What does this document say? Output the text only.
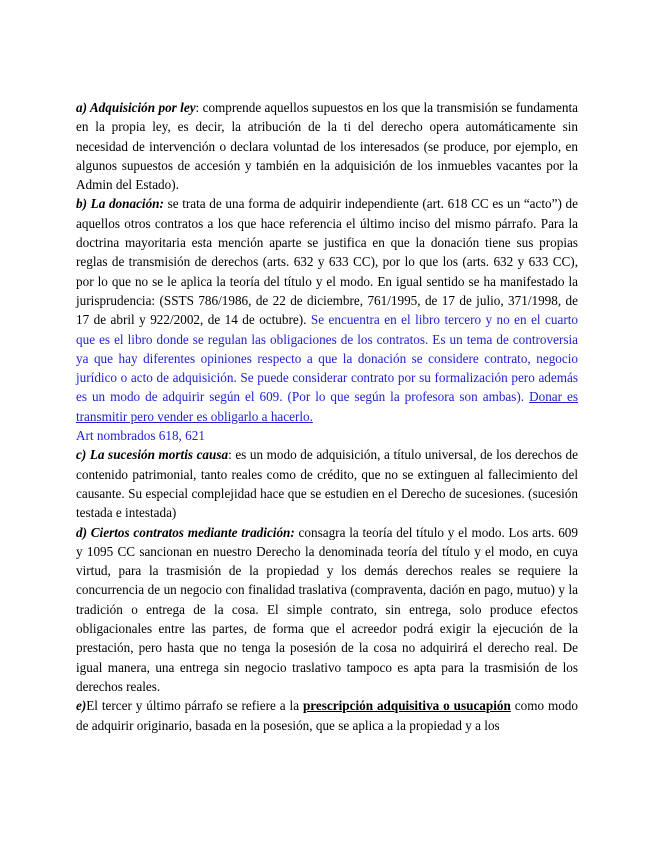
a) Adquisición por ley: comprende aquellos supuestos en los que la transmisión se fundamenta en la propia ley, es decir, la atribución de la ti del derecho opera automáticamente sin necesidad de intervención o declara voluntad de los interesados (se produce, por ejemplo, en algunos supuestos de accesión y también en la adquisición de los inmuebles vacantes por la Admin del Estado).

b) La donación: se trata de una forma de adquirir independiente (art. 618 CC es un “acto”) de aquellos otros contratos a los que hace referencia el último inciso del mismo párrafo. Para la doctrina mayoritaria esta mención aparte se justifica en que la donación tiene sus propias reglas de transmisión de derechos (arts. 632 y 633 CC), por lo que los (arts. 632 y 633 CC), por lo que no se le aplica la teoría del título y el modo. En igual sentido se ha manifestado la jurisprudencia: (SSTS 786/1986, de 22 de diciembre, 761/1995, de 17 de julio, 371/1998, de 17 de abril y 922/2002, de 14 de octubre). Se encuentra en el libro tercero y no en el cuarto que es el libro donde se regulan las obligaciones de los contratos. Es un tema de controversia ya que hay diferentes opiniones respecto a que la donación se considere contrato, negocio jurídico o acto de adquisición. Se puede considerar contrato por su formalización pero además es un modo de adquirir según el 609. (Por lo que según la profesora son ambas). Donar es transmitir pero vender es obligarlo a hacerlo.

Art nombrados 618, 621

c) La sucesión mortis causa: es un modo de adquisición, a título universal, de los derechos de contenido patrimonial, tanto reales como de crédito, que no se extinguen al fallecimiento del causante. Su especial complejidad hace que se estudien en el Derecho de sucesiones. (sucesión testada e intestada)

d) Ciertos contratos mediante tradición: consagra la teoría del título y el modo. Los arts. 609 y 1095 CC sancionan en nuestro Derecho la denominada teoría del título y el modo, en cuya virtud, para la trasmisión de la propiedad y los demás derechos reales se requiere la concurrencia de un negocio con finalidad traslativa (compraventa, dación en pago, mutuo) y la tradición o entrega de la cosa. El simple contrato, sin entrega, solo produce efectos obligacionales entre las partes, de forma que el acreedor podrá exigir la ejecución de la prestación, pero hasta que no tenga la posesión de la cosa no adquirirá el derecho real. De igual manera, una entrega sin negocio traslativo tampoco es apta para la trasmisión de los derechos reales.

e)El tercer y último párrafo se refiere a la prescripción adquisitiva o usucapión como modo de adquirir originario, basada en la posesión, que se aplica a la propiedad y a los
